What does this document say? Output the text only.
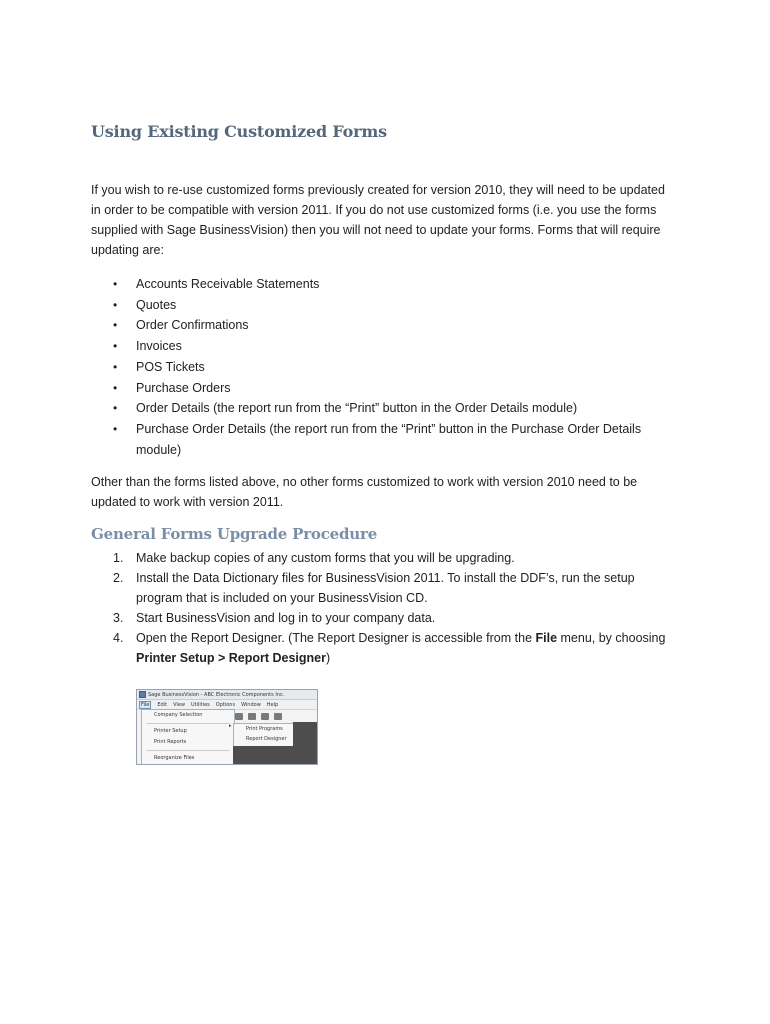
Using Existing Customized Forms

If you wish to re-use customized forms previously created for version 2010, they will need to be updated in order to be compatible with version 2011. If you do not use customized forms (i.e. you use the forms supplied with Sage BusinessVision) then you will not need to update your forms. Forms that will require updating are:

• Accounts Receivable Statements
• Quotes
• Order Confirmations
• Invoices
• POS Tickets
• Purchase Orders
• Order Details (the report run from the “Print” button in the Order Details module)
• Purchase Order Details (the report run from the “Print” button in the Purchase Order Details module)

Other than the forms listed above, no other forms customized to work with version 2010 need to be updated to work with version 2011.

General Forms Upgrade Procedure
1. Make backup copies of any custom forms that you will be upgrading.
2. Install the Data Dictionary files for BusinessVision 2011. To install the DDF’s, run the setup program that is included on your BusinessVision CD.
3. Start BusinessVision and log in to your company data.
4. Open the Report Designer. (The Report Designer is accessible from the File menu, by choosing Printer Setup > Report Designer)
Sage BusinessVision - ABC Electronic Components Inc.
File	Edit View Utilities Options Window Help
Company Selection
Printer Setup
Print Reports
Reorganize Files
▸	Print Programs
Report Designer
